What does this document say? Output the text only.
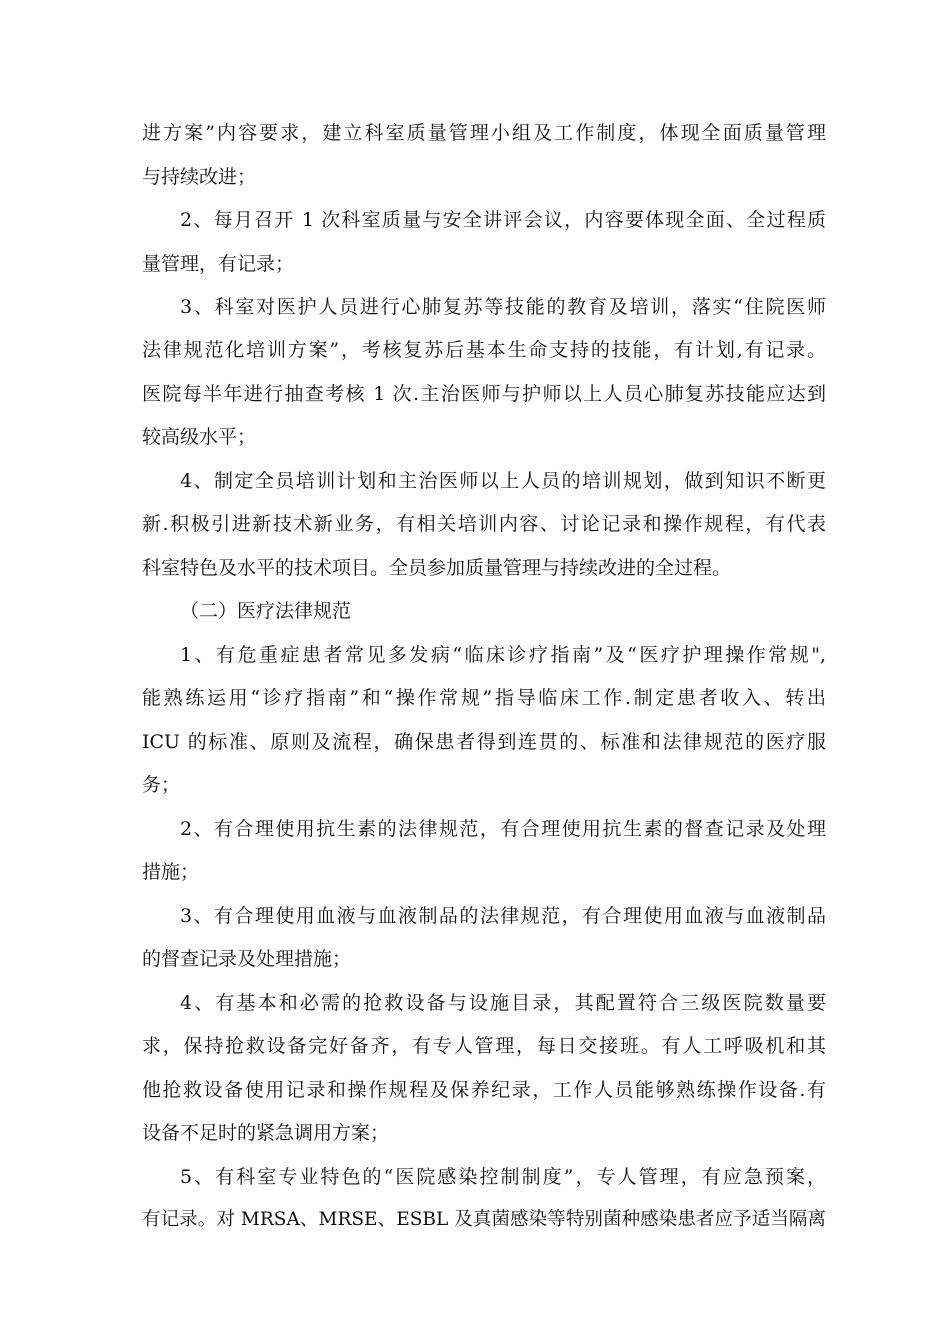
进方案”内容要求，建立科室质量管理小组及工作制度，体现全面质量管理
与持续改进；
2、每月召开 1 次科室质量与安全讲评会议，内容要体现全面、全过程质
量管理，有记录；
3、科室对医护人员进行心肺复苏等技能的教育及培训，落实“住院医师
法律规范化培训方案”，考核复苏后基本生命支持的技能，有计划,有记录。
医院每半年进行抽查考核 1 次.主治医师与护师以上人员心肺复苏技能应达到
较高级水平；
4、制定全员培训计划和主治医师以上人员的培训规划，做到知识不断更
新.积极引进新技术新业务，有相关培训内容、讨论记录和操作规程，有代表
科室特色及水平的技术项目。全员参加质量管理与持续改进的全过程。
（二）医疗法律规范
1、有危重症患者常见多发病“临床诊疗指南”及“医疗护理操作常规",
能熟练运用“诊疗指南”和“操作常规”指导临床工作.制定患者收入、转出
ICU 的标准、原则及流程，确保患者得到连贯的、标准和法律规范的医疗服
务；
2、有合理使用抗生素的法律规范，有合理使用抗生素的督查记录及处理
措施；
3、有合理使用血液与血液制品的法律规范，有合理使用血液与血液制品
的督查记录及处理措施；
4、有基本和必需的抢救设备与设施目录，其配置符合三级医院数量要
求，保持抢救设备完好备齐，有专人管理，每日交接班。有人工呼吸机和其
他抢救设备使用记录和操作规程及保养纪录，工作人员能够熟练操作设备.有
设备不足时的紧急调用方案；
5、有科室专业特色的“医院感染控制制度”，专人管理，有应急预案，
有记录。对 MRSA、MRSE、ESBL 及真菌感染等特别菌种感染患者应予适当隔离
